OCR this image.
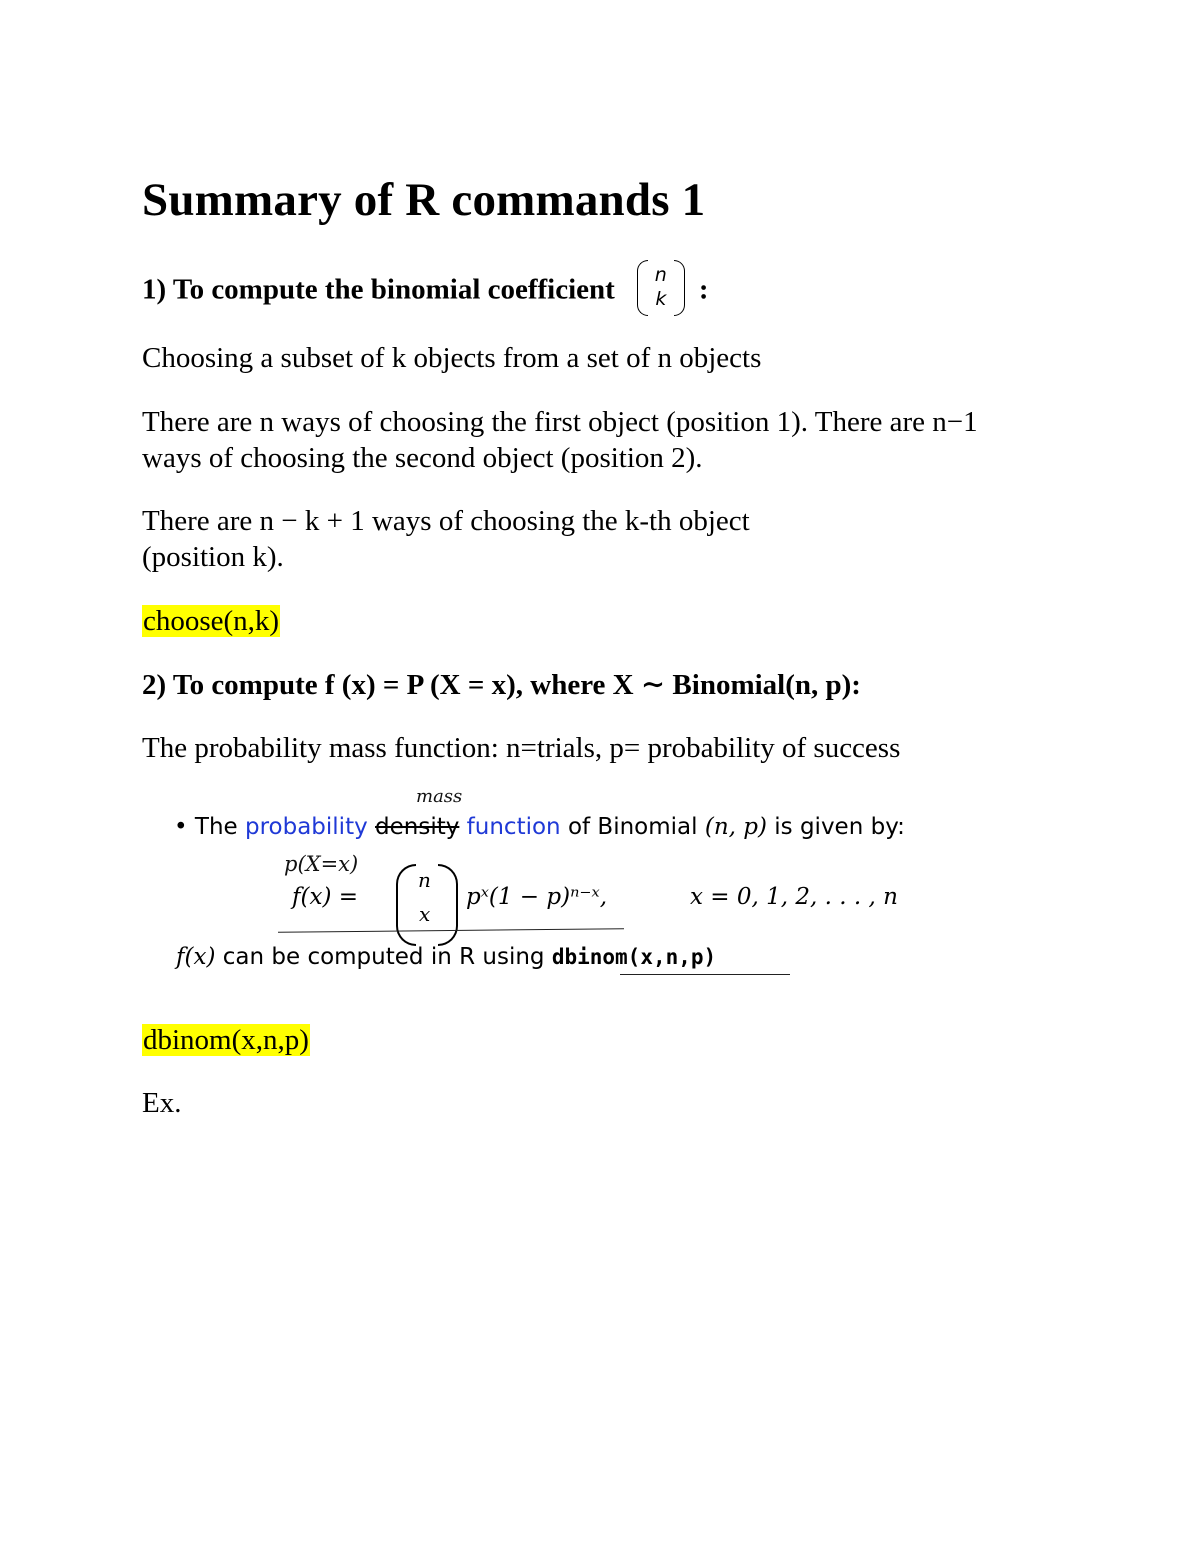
Summary of R commands 1
1) To compute the binomial coefficient	n
k	:

Choosing a subset of k objects from a set of n objects

There are n ways of choosing the first object (position 1). There are n−1
ways of choosing the second object (position 2).

There are n − k + 1 ways of choosing the k-th object
(position k).

choose(n,k)

2) To compute f (x) = P (X = x), where X ∼ Binomial(n, p):

The probability mass function: n=trials, p= probability of success

mass
• The probability density function of Binomial (n, p) is given by:
p(X=x)
f(x) =
n
x
pˣ(1 − p)ⁿ⁻ˣ,	x = 0, 1, 2, . . . , n
f(x) can be computed in R using dbinom(x,n,p)

dbinom(x,n,p)

Ex.
